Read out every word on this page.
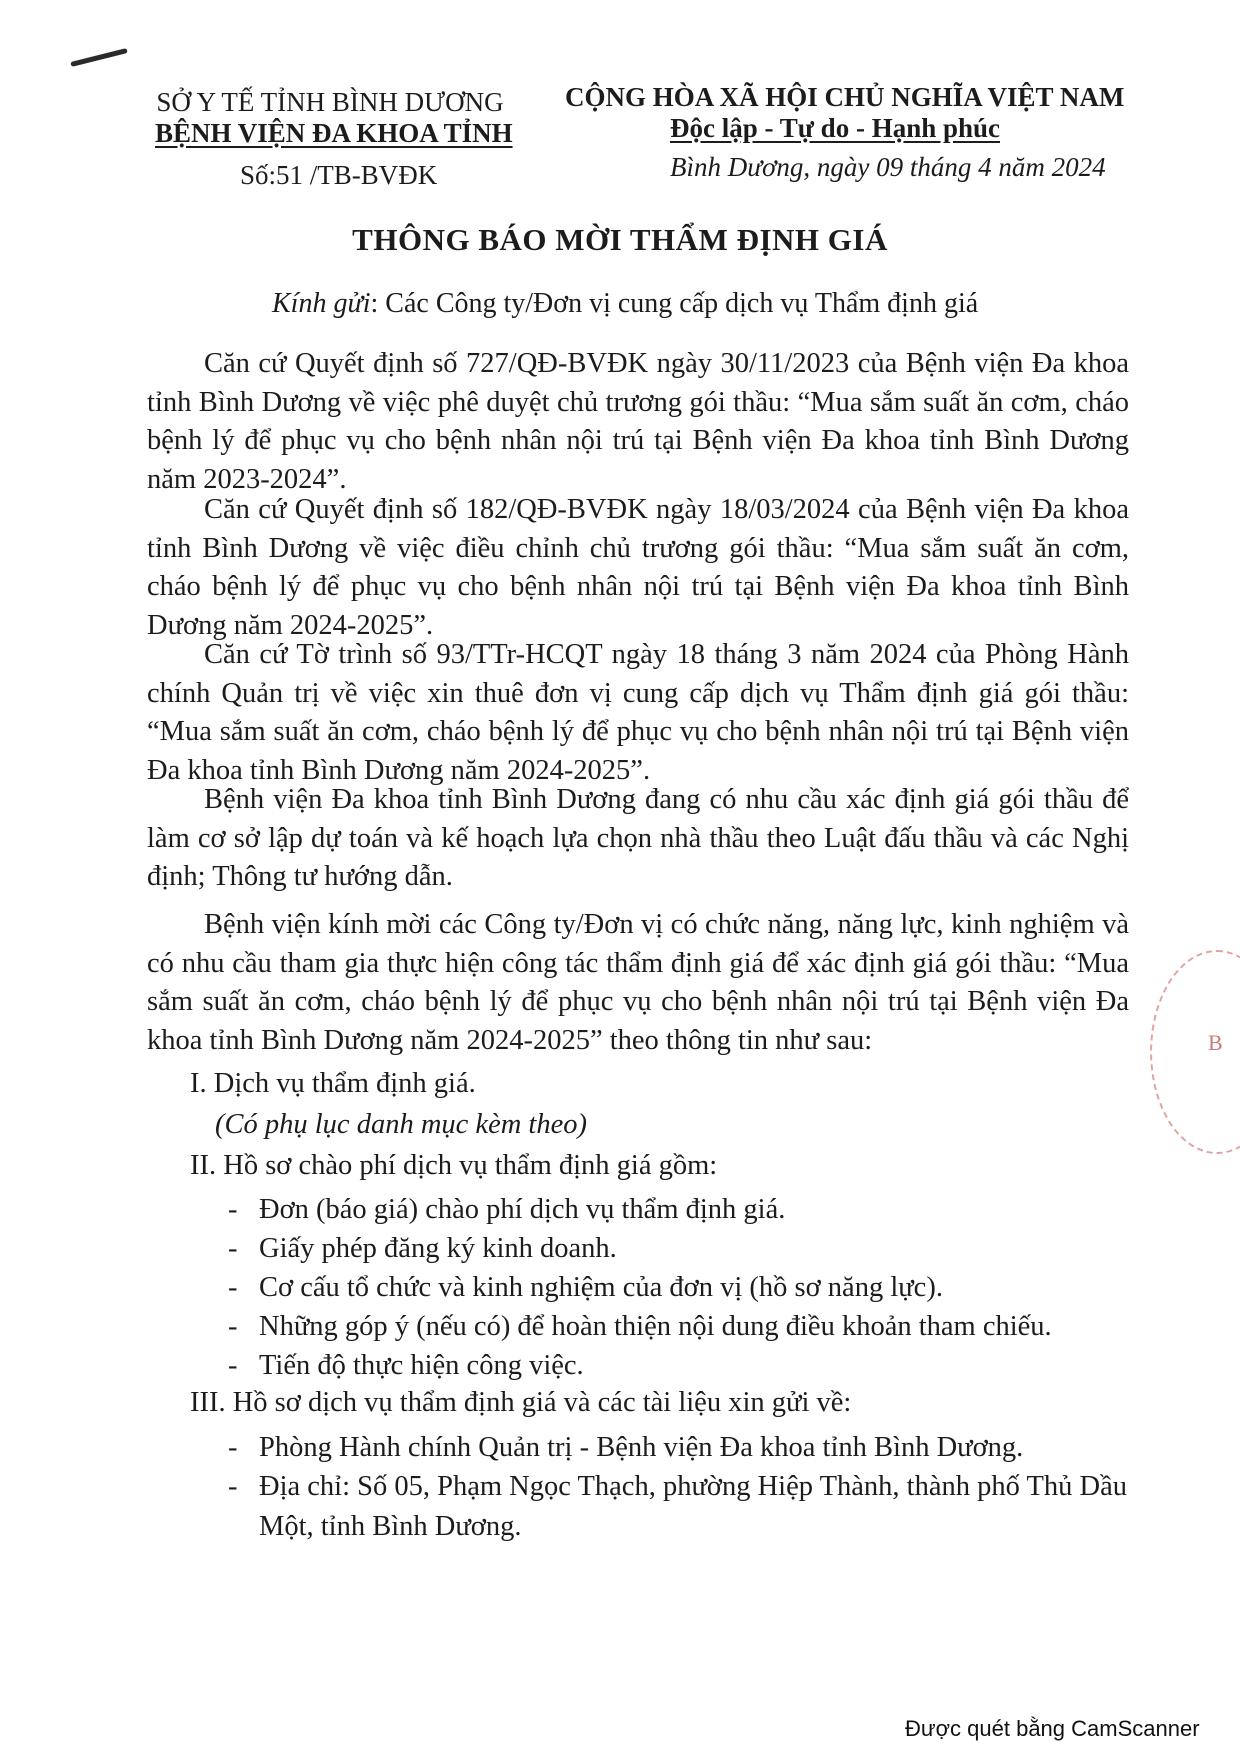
SỞ Y TẾ TỈNH BÌNH DƯƠNG
BỆNH VIỆN ĐA KHOA TỈNH
Số:51 /TB-BVĐK
CỘNG HÒA XÃ HỘI CHỦ NGHĨA VIỆT NAM
Độc lập - Tự do - Hạnh phúc
Bình Dương, ngày 09 tháng 4 năm 2024
THÔNG BÁO MỜI THẨM ĐỊNH GIÁ
Kính gửi: Các Công ty/Đơn vị cung cấp dịch vụ Thẩm định giá

Căn cứ Quyết định số 727/QĐ-BVĐK ngày 30/11/2023 của Bệnh viện Đa khoa tỉnh Bình Dương về việc phê duyệt chủ trương gói thầu: “Mua sắm suất ăn cơm, cháo bệnh lý để phục vụ cho bệnh nhân nội trú tại Bệnh viện Đa khoa tỉnh Bình Dương năm 2023-2024”.

Căn cứ Quyết định số 182/QĐ-BVĐK ngày 18/03/2024 của Bệnh viện Đa khoa tỉnh Bình Dương về việc điều chỉnh chủ trương gói thầu: “Mua sắm suất ăn cơm, cháo bệnh lý để phục vụ cho bệnh nhân nội trú tại Bệnh viện Đa khoa tỉnh Bình Dương năm 2024-2025”.

Căn cứ Tờ trình số 93/TTr-HCQT ngày 18 tháng 3 năm 2024 của Phòng Hành chính Quản trị về việc xin thuê đơn vị cung cấp dịch vụ Thẩm định giá gói thầu: “Mua sắm suất ăn cơm, cháo bệnh lý để phục vụ cho bệnh nhân nội trú tại Bệnh viện Đa khoa tỉnh Bình Dương năm 2024-2025”.

Bệnh viện Đa khoa tỉnh Bình Dương đang có nhu cầu xác định giá gói thầu để làm cơ sở lập dự toán và kế hoạch lựa chọn nhà thầu theo Luật đấu thầu và các Nghị định; Thông tư hướng dẫn.

Bệnh viện kính mời các Công ty/Đơn vị có chức năng, năng lực, kinh nghiệm và có nhu cầu tham gia thực hiện công tác thẩm định giá để xác định giá gói thầu: “Mua sắm suất ăn cơm, cháo bệnh lý để phục vụ cho bệnh nhân nội trú tại Bệnh viện Đa khoa tỉnh Bình Dương năm 2024-2025” theo thông tin như sau:

I. Dịch vụ thẩm định giá.
(Có phụ lục danh mục kèm theo)
II. Hồ sơ chào phí dịch vụ thẩm định giá gồm:
- Đơn (báo giá) chào phí dịch vụ thẩm định giá.
- Giấy phép đăng ký kinh doanh.
- Cơ cấu tổ chức và kinh nghiệm của đơn vị (hồ sơ năng lực).
- Những góp ý (nếu có) để hoàn thiện nội dung điều khoản tham chiếu.
- Tiến độ thực hiện công việc.
III. Hồ sơ dịch vụ thẩm định giá và các tài liệu xin gửi về:
- Phòng Hành chính Quản trị - Bệnh viện Đa khoa tỉnh Bình Dương.
- Địa chỉ: Số 05, Phạm Ngọc Thạch, phường Hiệp Thành, thành phố Thủ Dầu Một, tỉnh Bình Dương.
B
Được quét bằng CamScanner
